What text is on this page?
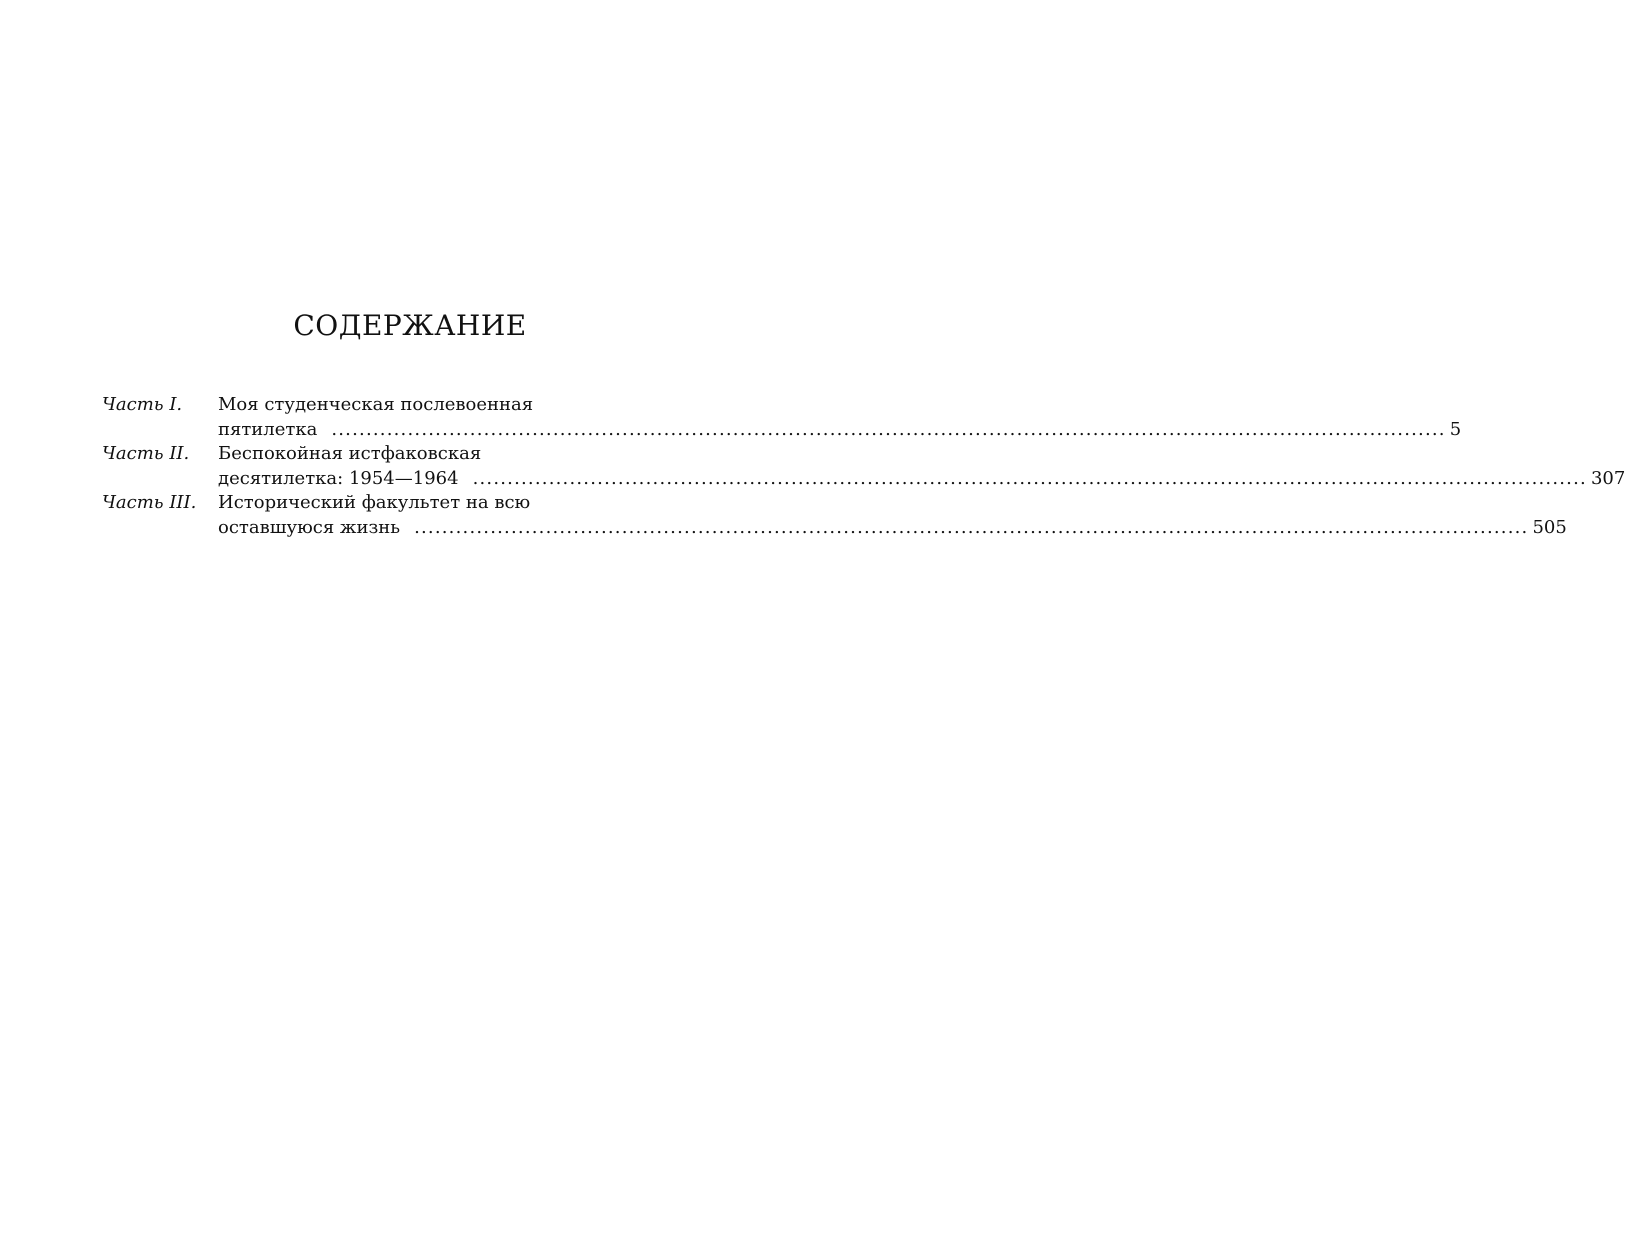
СОДЕРЖАНИЕ
Часть I.	Моя студенческая послевоенная
пятилетка .....	5
Часть II.	Беспокойная истфаковская
десятилетка: 1954—1964 .....	307
Часть III.	Исторический факультет на всю
оставшуюся жизнь .....	505
